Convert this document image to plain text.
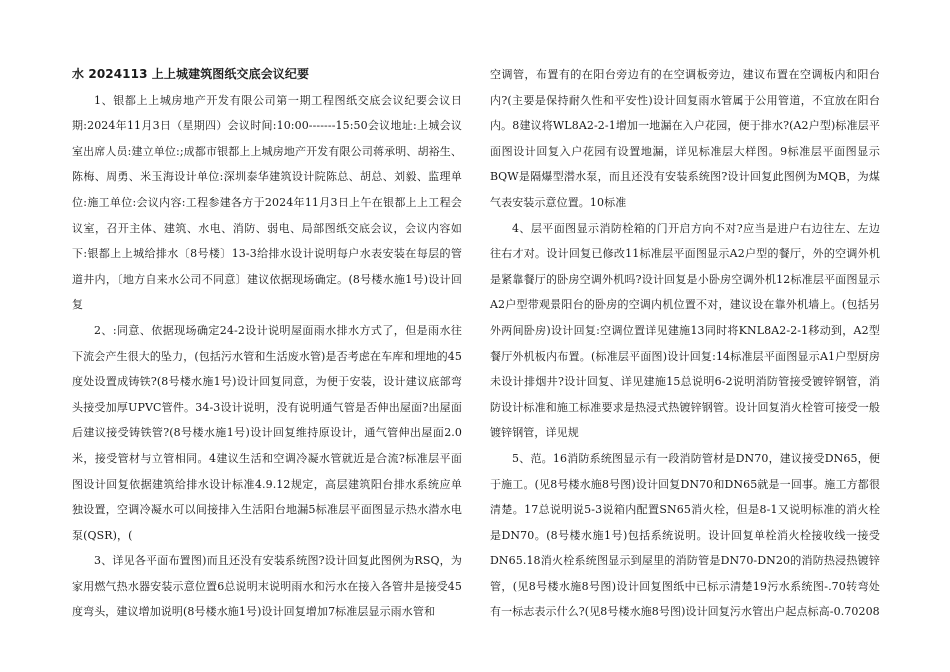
水 2024113 上上城建筑图纸交底会议纪要

1、银都上上城房地产开发有限公司第一期工程图纸交底会议纪要会议日期:2024年11月3日（星期四）会议时间:10:00-------15:50会议地址:上城会议室出席人员:建立单位:;成都市银都上上城房地产开发有限公司蒋承明、胡裕生、陈梅、周勇、米玉海设计单位:深圳泰华建筑设计院陈总、胡总、刘毅、监理单位:施工单位:会议内容:工程参建各方于2024年11月3日上午在银都上上工程会议室，召开主体、建筑、水电、消防、弱电、局部图纸交底会议，会议内容如下:银都上上城给排水〔8号楼〕13-3给排水设计说明每户水表安装在每层的管道井内，〔地方自来水公司不同意〕建议依据现场确定。(8号楼水施1号)设计回复

2、:同意、依据现场确定24-2设计说明屋面雨水排水方式了，但是雨水往下流会产生很大的坠力，(包括污水管和生活废水管)是否考虑在车库和埋地的45度处设置成铸铁?(8号楼水施1号)设计回复同意，为便于安装，设计建议底部弯头接受加厚UPVC管件。34-3设计说明，没有说明通气管是否伸出屋面?出屋面后建议接受铸铁管?(8号楼水施1号)设计回复维持原设计，通气管伸出屋面2.0米，接受管材与立管相同。4建议生活和空调冷凝水管就近是合流?标准层平面图设计回复依据建筑给排水设计标准4.9.12规定，高层建筑阳台排水系统应单独设置，空调冷凝水可以间接排入生活阳台地漏5标准层平面图显示热水潜水电泵(QSR)，(

3、详见各平面布置图)而且还没有安装系统图?设计回复此图例为RSQ，为家用燃气热水器安装示意位置6总说明末说明雨水和污水在接入各管井是接受45度弯头，建议增加说明(8号楼水施1号)设计回复增加7标准层显示雨水管和

空调管，布置有的在阳台旁边有的在空调板旁边，建议布置在空调板内和阳台内?(主要是保持耐久性和平安性)设计回复雨水管属于公用管道，不宜放在阳台内。8建议将WL8A2-2-1增加一地漏在入户花园，便于排水?(A2户型)标准层平面图设计回复入户花园有设置地漏，详见标准层大样图。9标准层平面图显示BQW是隔爆型潜水泵，而且还没有安装系统图?设计回复此图例为MQB，为煤气表安装示意位置。10标准

4、层平面图显示消防栓箱的门开启方向不对?应当是进户右边往左、左边往右才对。设计回复已修改11标准层平面图显示A2户型的餐厅，外的空调外机是紧靠餐厅的卧房空调外机吗?设计回复是小卧房空调外机12标准层平面图显示A2户型带观景阳台的卧房的空调内机位置不对，建议设在靠外机墙上。(包括另外两间卧房)设计回复:空调位置详见建施13同时将KNL8A2-2-1移动到，A2型餐厅外机板内布置。(标准层平面图)设计回复:14标准层平面图显示A1户型厨房未设计排烟井?设计回复、详见建施15总说明6-2说明消防管接受镀锌钢管，消防设计标准和施工标准要求是热浸式热镀锌钢管。设计回复消火栓管可接受一般镀锌钢管，详见规

5、范。16消防系统图显示有一段消防管材是DN70，建议接受DN65，便于施工。(见8号楼水施8号图)设计回复DN70和DN65就是一回事。施工方都很清楚。17总说明说5-3说箱内配置SN65消火栓，但是8-1又说明标准的消火栓是DN70。(8号楼水施1号)包括系统说明。设计回复单栓消火栓接收线一接受DN65.18消火栓系统图显示到屋里的消防管是DN70-DN20的消防热浸热镀锌管，(见8号楼水施8号图)设计回复图纸中已标示清楚19污水系统图-.70转弯处有一标志表示什么?(见8号楼水施8号图)设计回复污水管出户起点标高-0.70208
